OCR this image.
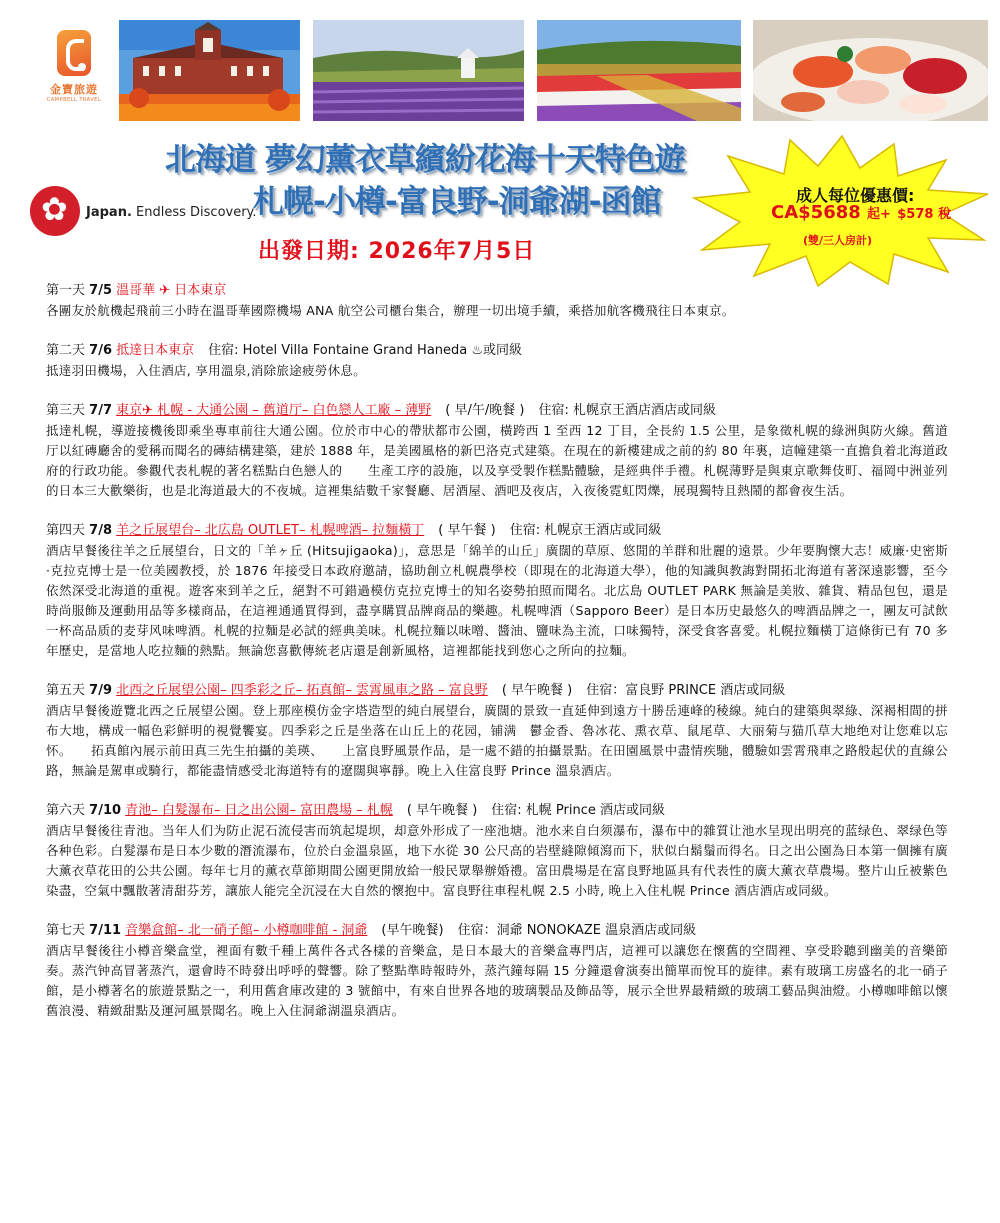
金寶旅遊
CAMPBELL TRAVEL
北海道 夢幻薰衣草繽紛花海十天特色遊
札幌-小樽-富良野-洞爺湖-函館
✿
Japan. Endless Discovery.
出發日期: 2026年7月5日
成人每位優惠價:
CA$5688 起+ $578 稅
(雙/三人房計)
第一天 7/5 溫哥華 ✈ 日本東京
各團友於航機起飛前三小時在溫哥華國際機場 ANA 航空公司櫃台集合，辦理一切出境手續，乘搭加航客機飛往日本東京。
第二天 7/6 抵達日本東京 住宿: Hotel Villa Fontaine Grand Haneda ♨或同級
抵達羽田機場，入住酒店, 享用溫泉,消除旅途疲勞休息。
第三天 7/7 東京✈ 札幌 - 大通公園 – 舊道厅– 白色戀人工廠 – 薄野 ( 早/午/晚餐 ) 住宿: 札幌京王酒店酒店或同級
抵達札幌，導遊接機後即乘坐專車前往大通公園。位於市中心的帶狀都市公園，橫跨西 1 至西 12 丁目，全長約 1.5 公里，是象徵札幌的綠洲與防火線。舊道厅以紅磚廳舍的愛稱而聞名的磚結構建築，建於 1888 年，是美國風格的新巴洛克式建築。在現在的新樓建成之前的約 80 年裏，這幢建築一直擔負着北海道政府的行政功能。參觀代表札幌的著名糕點白色戀人的　　生產工序的設施，以及享受製作糕點體驗，是經典伴手禮。札幌薄野是與東京歌舞伎町、福岡中洲並列的日本三大歡樂街，也是北海道最大的不夜城。這裡集結數千家餐廳、居酒屋、酒吧及夜店，入夜後霓虹閃爍，展現獨特且熱鬧的都會夜生活。
第四天 7/8 羊之丘展望台– 北広島 OUTLET– 札幌啤酒– 拉麵橫丁 ( 早午餐 ) 住宿: 札幌京王酒店或同級
酒店早餐後往羊之丘展望台，日文的「羊ヶ丘 (Hitsujigaoka)」，意思是「綿羊的山丘」廣闊的草原、悠閒的羊群和壯麗的遠景。少年要胸懷大志！威廉·史密斯·克拉克博士是一位美國教授，於 1876 年接受日本政府邀請，協助創立札幌農學校（即現在的北海道大學），他的知識與教誨對開拓北海道有著深遠影響，至今依然深受北海道的重視。遊客來到羊之丘，絕對不可錯過模仿克拉克博士的知名姿勢拍照而聞名。北広島 OUTLET PARK 無論是美妝、雜貨、精品包包，還是時尚服飾及運動用品等多樣商品，在這裡通通買得到，盡享購買品牌商品的樂趣。札幌啤酒（Sapporo Beer）是日本历史最悠久的啤酒品牌之一，團友可試飲一杯高品质的麦芽风味啤酒。札幌的拉麵是必試的經典美味。札幌拉麵以味噌、醬油、鹽味為主流，口味獨特，深受食客喜愛。札幌拉麵橫丁這條街已有 70 多年歷史，是當地人吃拉麵的熱點。無論您喜歡傳統老店還是創新風格，這裡都能找到您心之所向的拉麵。
第五天 7/9 北西之丘展望公園– 四季彩之丘– 拓真館– 雲霄風車之路 – 富良野 ( 早午晚餐 ) 住宿：富良野 PRINCE 酒店或同級
酒店早餐後遊覽北西之丘展望公園。登上那座模仿金字塔造型的純白展望台，廣闊的景致一直延伸到遠方十勝岳連峰的稜線。純白的建築與翠綠、深褐相間的拼布大地，構成一幅色彩鮮明的視覺饗宴。四季彩之丘是坐落在山丘上的花园，铺满　鬱金香、魯冰花、熏衣草、鼠尾草、大丽菊与猫爪草大地绝对让您难以忘怀。　　拓真館內展示前田真三先生拍攝的美瑛、　　上富良野風景作品，是一處不錯的拍攝景點。在田園風景中盡情疾馳，體驗如雲霄飛車之路般起伏的直線公路，無論是駕車或騎行，都能盡情感受北海道特有的遼闊與寧靜。晚上入住富良野 Prince 溫泉酒店。
第六天 7/10 青池– 白髮瀑布– 日之出公園– 富田農場 – 札幌 ( 早午晚餐 ) 住宿: 札幌 Prince 酒店或同級
酒店早餐後往青池。当年人们为防止泥石流侵害而筑起堤坝，却意外形成了一座池塘。池水来自白须瀑布，瀑布中的雜質让池水呈现出明亮的蓝绿色、翠绿色等各种色彩。白髮瀑布是日本少數的潛流瀑布，位於白金溫泉區，地下水從 30 公尺高的岩壁縫隙傾瀉而下，狀似白鬍鬚而得名。日之出公園為日本第一個擁有廣大薰衣草花田的公共公園。每年七月的薰衣草節期間公園更開放給一般民眾舉辦婚禮。富田農場是在富良野地區具有代表性的廣大薰衣草農場。整片山丘被紫色染盡，空氣中飄散著清甜芬芳，讓旅人能完全沉浸在大自然的懷抱中。富良野往車程札幌 2.5 小時, 晚上入住札幌 Prince 酒店酒店或同級。
第七天 7/11 音樂盒館– 北一硝子館– 小樽咖啡館 - 洞爺 (早午晚餐) 住宿：洞爺 NONOKAZE 溫泉酒店或同級
酒店早餐後往小樽音樂盒堂，裡面有數千種上萬件各式各樣的音樂盒，是日本最大的音樂盒專門店，這裡可以讓您在懷舊的空間裡、享受聆聽到幽美的音樂節奏。蒸汽钟高冒著蒸汽，還會時不時發出呼呼的聲響。除了整點準時報時外，蒸汽鐘每隔 15 分鐘還會演奏出簡單而悅耳的旋律。素有玻璃工房盛名的北一硝子館，是小樽著名的旅遊景點之一，利用舊倉庫改建的 3 號館中，有來自世界各地的玻璃製品及飾品等，展示全世界最精緻的玻璃工藝品與油燈。小樽咖啡館以懷舊浪漫、精緻甜點及運河風景聞名。晚上入住洞爺湖溫泉酒店。
